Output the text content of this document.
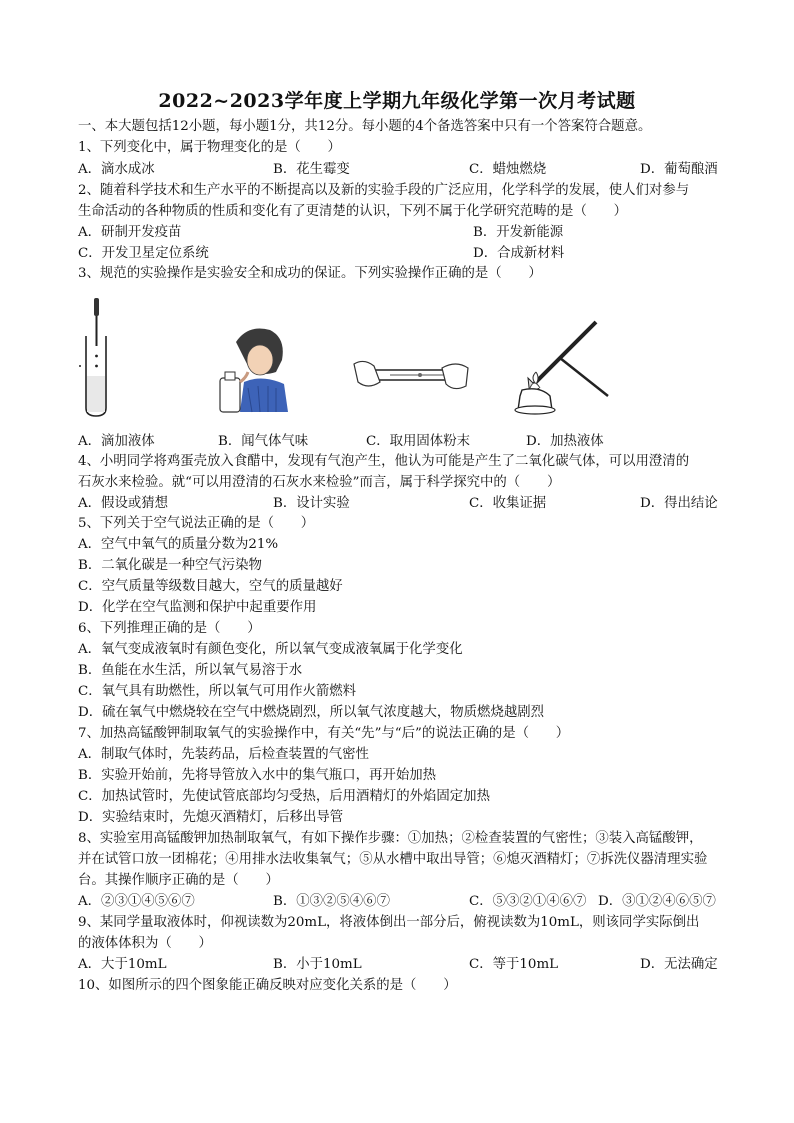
2022~2023学年度上学期九年级化学第一次月考试题
一、本大题包括12小题，每小题1分，共12分。每小题的4个备选答案中只有一个答案符合题意。
1、下列变化中，属于物理变化的是（　　）
A．滴水成冰	B．花生霉变	C．蜡烛燃烧	D．葡萄酿酒
2、随着科学技术和生产水平的不断提高以及新的实验手段的广泛应用，化学科学的发展，使人们对参与
生命活动的各种物质的性质和变化有了更清楚的认识，下列不属于化学研究范畴的是（　　）
A．研制开发疫苗	B．开发新能源
C．开发卫星定位系统	D．合成新材料
3、规范的实验操作是实验安全和成功的保证。下列实验操作正确的是（　　）
A．滴加液体	B．闻气体气味	C．取用固体粉末	D．加热液体
4、小明同学将鸡蛋壳放入食醋中，发现有气泡产生，他认为可能是产生了二氧化碳气体，可以用澄清的
石灰水来检验。就“可以用澄清的石灰水来检验”而言，属于科学探究中的（　　）
A．假设或猜想	B．设计实验	C．收集证据	D．得出结论
5、下列关于空气说法正确的是（　　）
A．空气中氧气的质量分数为21%
B．二氧化碳是一种空气污染物
C．空气质量等级数目越大，空气的质量越好
D．化学在空气监测和保护中起重要作用
6、下列推理正确的是（　　）
A．氧气变成液氧时有颜色变化，所以氧气变成液氧属于化学变化
B．鱼能在水生活，所以氧气易溶于水
C．氧气具有助燃性，所以氧气可用作火箭燃料
D．硫在氧气中燃烧较在空气中燃烧剧烈，所以氧气浓度越大，物质燃烧越剧烈
7、加热高锰酸钾制取氧气的实验操作中，有关“先”与“后”的说法正确的是（　　）
A．制取气体时，先装药品，后检查装置的气密性
B．实验开始前，先将导管放入水中的集气瓶口，再开始加热
C．加热试管时，先使试管底部均匀受热，后用酒精灯的外焰固定加热
D．实验结束时，先熄灭酒精灯，后移出导管
8、实验室用高锰酸钾加热制取氧气，有如下操作步骤：①加热；②检查装置的气密性；③装入高锰酸钾，
并在试管口放一团棉花；④用排水法收集氧气；⑤从水槽中取出导管；⑥熄灭酒精灯；⑦拆洗仪器清理实验
台。其操作顺序正确的是（　　）
A．②③①④⑤⑥⑦	B．①③②⑤④⑥⑦	C．⑤③②①④⑥⑦ D．③①②④⑥⑤⑦
9、某同学量取液体时，仰视读数为20mL，将液体倒出一部分后，俯视读数为10mL，则该同学实际倒出
的液体体积为（　　）
A．大于10mL	B．小于10mL	C．等于10mL	D．无法确定
10、如图所示的四个图象能正确反映对应变化关系的是（　　）
